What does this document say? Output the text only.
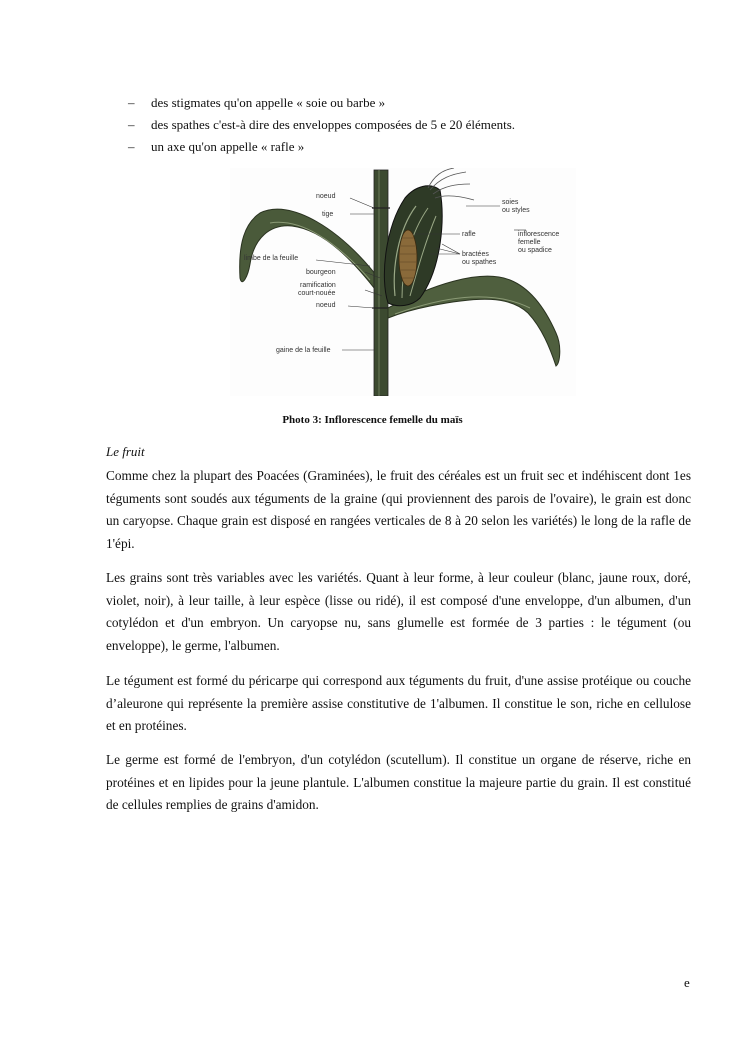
– des stigmates qu'on appelle « soie ou barbe »
– des spathes c'est-à dire des enveloppes composées de 5 e 20 éléments.
– un axe qu'on appelle « rafle »
noeud
tige
limbe de la feuille
bourgeon
ramification
court-nouée
noeud
gaine de la feuille
soies
ou styles
rafle	inflorescence
femelle
ou spadice
bractées
ou spathes
Photo 3: Inflorescence femelle du maïs
Le fruit

Comme chez la plupart des Poacées (Graminées), le fruit des céréales est un fruit sec et indéhiscent dont 1es téguments sont soudés aux téguments de la graine (qui proviennent des parois de l'ovaire), le grain est donc un caryopse. Chaque grain est disposé en rangées verticales de 8 à 20 selon les variétés) le long de la rafle de 1'épi.

Les grains sont très variables avec les variétés. Quant à leur forme, à leur couleur (blanc, jaune roux, doré, violet, noir), à leur taille, à leur espèce (lisse ou ridé), il est composé d'une enveloppe, d'un albumen, d'un cotylédon et d'un embryon. Un caryopse nu, sans glumelle est formée de 3 parties : le tégument (ou enveloppe), le germe, l'albumen.

Le tégument est formé du péricarpe qui correspond aux téguments du fruit, d'une assise protéique ou couche d’aleurone qui représente la première assise constitutive de 1'albumen. Il constitue le son, riche en cellulose et en protéines.

Le germe est formé de l'embryon, d'un cotylédon (scutellum). Il constitue un organe de réserve, riche en protéines et en lipides pour la jeune plantule. L'albumen constitue la majeure partie du grain. Il est constitué de cellules remplies de grains d'amidon.

e
